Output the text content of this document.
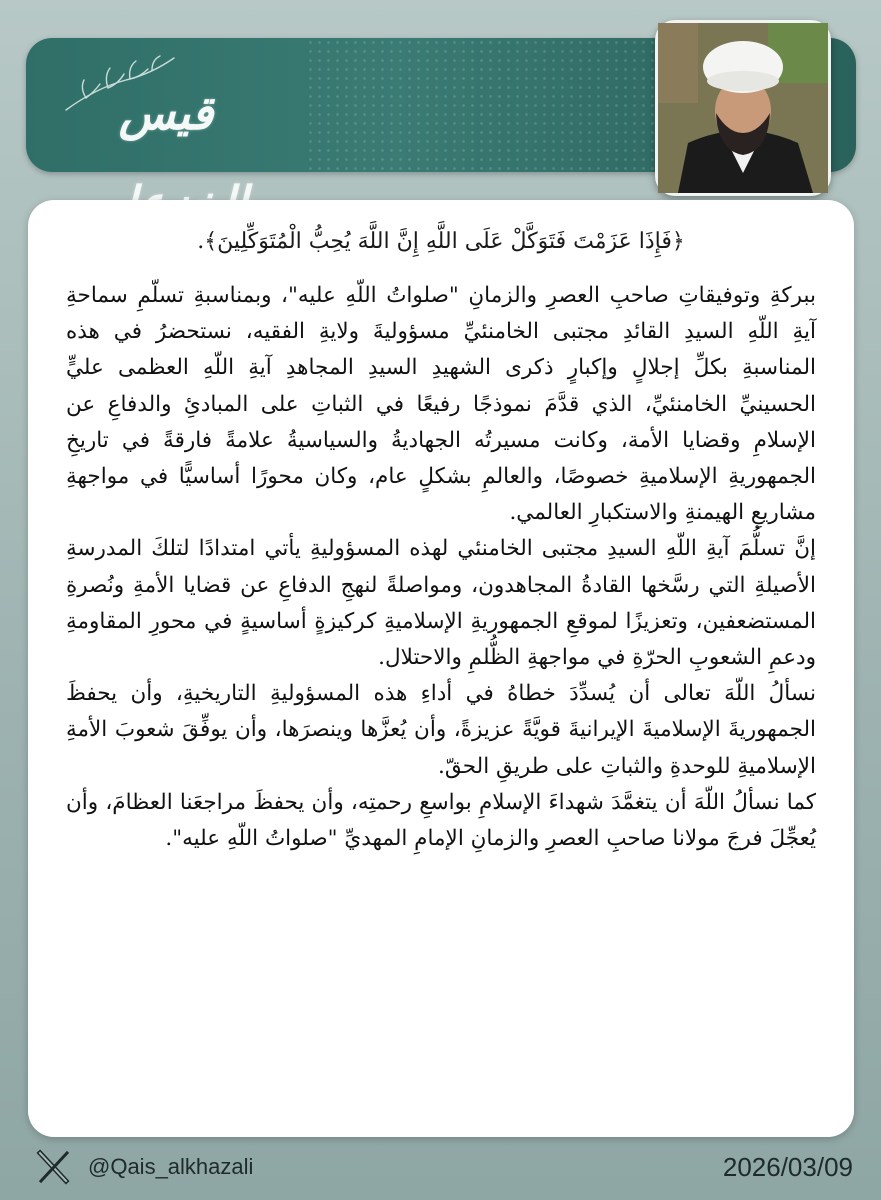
قيس
﴿فَإِذَا عَزَمْتَ فَتَوَكَّلْ عَلَى اللَّهِ إِنَّ اللَّهَ يُحِبُّ الْمُتَوَكِّلِينَ﴾.

ببركةِ وتوفيقاتِ صاحبِ العصرِ والزمانِ "صلواتُ اللّهِ عليه"، وبمناسبةِ تسلّمِ سماحةِ آيةِ اللّهِ السيدِ القائدِ مجتبى الخامنئيِّ مسؤوليةَ ولايةِ الفقيه، نستحضرُ في هذه المناسبةِ بكلِّ إجلالٍ وإكبارٍ ذكرى الشهيدِ السيدِ المجاهدِ آيةِ اللّهِ العظمى عليٍّ الحسينيِّ الخامنئيِّ، الذي قدَّمَ نموذجًا رفيعًا في الثباتِ على المبادئِ والدفاعِ عن الإسلامِ وقضايا الأمة، وكانت مسيرتُه الجهاديةُ والسياسيةُ علامةً فارقةً في تاريخِ الجمهوريةِ الإسلاميةِ خصوصًا، والعالمِ بشكلٍ عام، وكان محورًا أساسيًّا في مواجهةِ مشاريعِ الهيمنةِ والاستكبارِ العالمي.

إنَّ تسلُّمَ آيةِ اللّهِ السيدِ مجتبى الخامنئي لهذه المسؤوليةِ يأتي امتدادًا لتلكَ المدرسةِ الأصيلةِ التي رسَّخها القادةُ المجاهدون، ومواصلةً لنهجِ الدفاعِ عن قضايا الأمةِ ونُصرةِ المستضعفين، وتعزيزًا لموقعِ الجمهوريةِ الإسلاميةِ كركيزةٍ أساسيةٍ في محورِ المقاومةِ ودعمِ الشعوبِ الحرّةِ في مواجهةِ الظُّلمِ والاحتلال.

نسألُ اللّهَ تعالى أن يُسدِّدَ خطاهُ في أداءِ هذه المسؤوليةِ التاريخيةِ، وأن يحفظَ الجمهوريةَ الإسلاميةَ الإيرانيةَ قويَّةً عزيزةً، وأن يُعزَّها وينصرَها، وأن يوفِّقَ شعوبَ الأمةِ الإسلاميةِ للوحدةِ والثباتِ على طريقِ الحقّ.

كما نسألُ اللّهَ أن يتغمَّدَ شهداءَ الإسلامِ بواسعِ رحمتِه، وأن يحفظَ مراجعَنا العظامَ، وأن يُعجِّلَ فرجَ مولانا صاحبِ العصرِ والزمانِ الإمامِ المهديِّ "صلواتُ اللّهِ عليه".

@Qais_alkhazali	2026/03/09
